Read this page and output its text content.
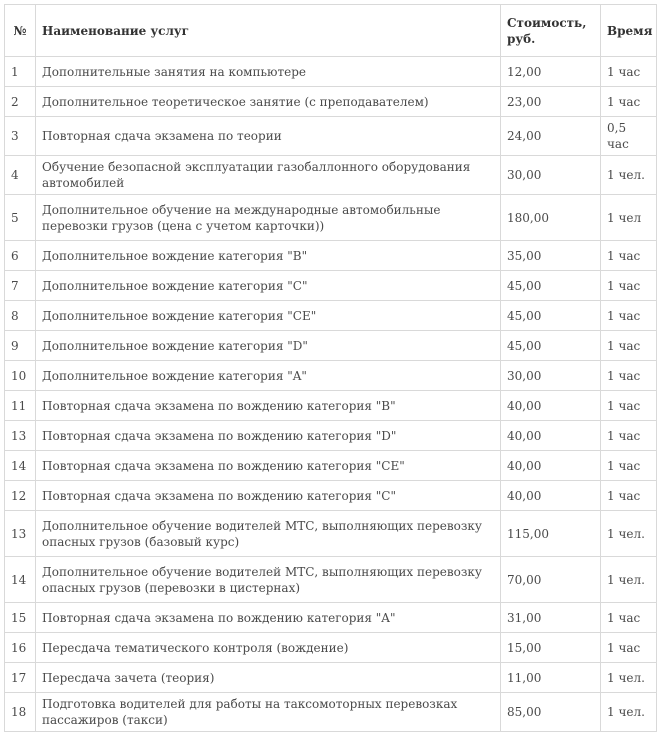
№	Наименование услуг	Стоимость, руб.	Время
1	Дополнительные занятия на компьютере	12,00	1 час
2	Дополнительное теоретическое занятие (с преподавателем)	23,00	1 час
3	Повторная сдача экзамена по теории	24,00	0,5 час
4	Обучение безопасной эксплуатации газобаллонного оборудования автомобилей	30,00	1 чел.
5	Дополнительное обучение на международные автомобильные перевозки грузов (цена с учетом карточки))	180,00	1 чел
6	Дополнительное вождение категория "B"	35,00	1 час
7	Дополнительное вождение категория "C"	45,00	1 час
8	Дополнительное вождение категория "CE"	45,00	1 час
9	Дополнительное вождение категория "D"	45,00	1 час
10	Дополнительное вождение категория "A"	30,00	1 час
11	Повторная сдача экзамена по вождению категория "B"	40,00	1 час
13	Повторная сдача экзамена по вождению категория "D"	40,00	1 час
14	Повторная сдача экзамена по вождению категория "CE"	40,00	1 час
12	Повторная сдача экзамена по вождению категория "C"	40,00	1 час
13	Дополнительное обучение водителей МТС, выполняющих перевозку опасных грузов (базовый курс)	115,00	1 чел.
14	Дополнительное обучение водителей МТС, выполняющих перевозку опасных грузов (перевозки в цистернах)	70,00	1 чел.
15	Повторная сдача экзамена по вождению категория "A"	31,00	1 час
16	Пересдача тематического контроля (вождение)	15,00	1 час
17	Пересдача зачета (теория)	11,00	1 чел.
18	Подготовка водителей для работы на таксомоторных перевозках пассажиров (такси)	85,00	1 чел.
